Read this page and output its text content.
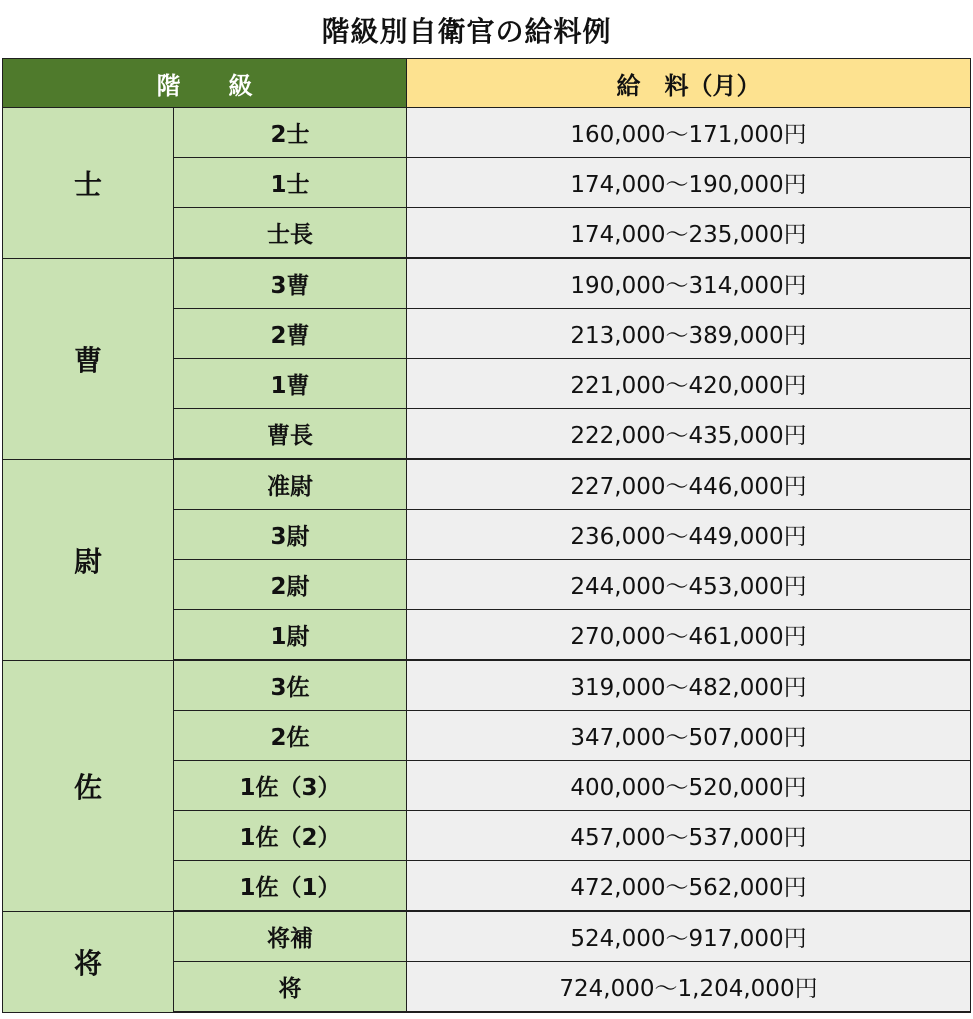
階級別自衛官の給料例
階　　級		給　料（月）
士	2士	160,000〜171,000円
	1士	174,000〜190,000円
	士長	174,000〜235,000円
曹	3曹	190,000〜314,000円
	2曹	213,000〜389,000円
	1曹	221,000〜420,000円
	曹長	222,000〜435,000円
尉	准尉	227,000〜446,000円
	3尉	236,000〜449,000円
	2尉	244,000〜453,000円
	1尉	270,000〜461,000円
佐	3佐	319,000〜482,000円
	2佐	347,000〜507,000円
	1佐（3）	400,000〜520,000円
	1佐（2）	457,000〜537,000円
	1佐（1）	472,000〜562,000円
将	将補	524,000〜917,000円
	将	724,000〜1,204,000円
